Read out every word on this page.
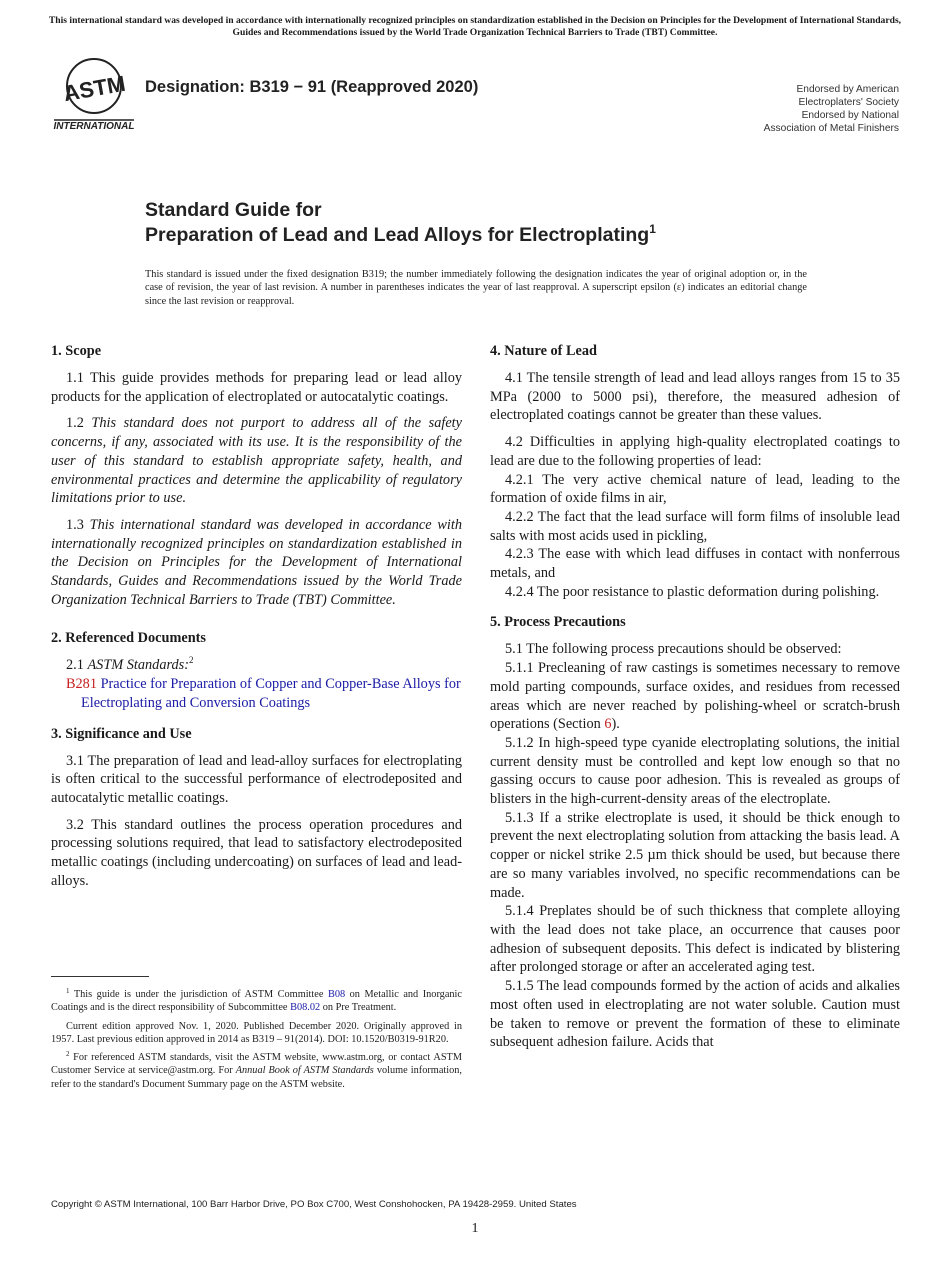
This international standard was developed in accordance with internationally recognized principles on standardization established in the Decision on Principles for the Development of International Standards, Guides and Recommendations issued by the World Trade Organization Technical Barriers to Trade (TBT) Committee.
ASTM
INTERNATIONAL
Designation: B319 − 91 (Reapproved 2020)	Endorsed by American
Electroplaters' Society
Endorsed by National
Association of Metal Finishers
Standard Guide for
Preparation of Lead and Lead Alloys for Electroplating$^1$
This standard is issued under the fixed designation B319; the number immediately following the designation indicates the year of original adoption or, in the case of revision, the year of last revision. A number in parentheses indicates the year of last reapproval. A superscript epsilon (ε) indicates an editorial change since the last revision or reapproval.
1. Scope

1.1 This guide provides methods for preparing lead or lead alloy products for the application of electroplated or autocatalytic coatings.

1.2 This standard does not purport to address all of the safety concerns, if any, associated with its use. It is the responsibility of the user of this standard to establish appropriate safety, health, and environmental practices and determine the applicability of regulatory limitations prior to use.

1.3 This international standard was developed in accordance with internationally recognized principles on standardization established in the Decision on Principles for the Development of International Standards, Guides and Recommendations issued by the World Trade Organization Technical Barriers to Trade (TBT) Committee.

2. Referenced Documents

2.1 ASTM Standards:$^2$

B281 Practice for Preparation of Copper and Copper-Base Alloys for Electroplating and Conversion Coatings

3. Significance and Use

3.1 The preparation of lead and lead-alloy surfaces for electroplating is often critical to the successful performance of electrodeposited and autocatalytic metallic coatings.

3.2 This standard outlines the process operation procedures and processing solutions required, that lead to satisfactory electrodeposited metallic coatings (including undercoating) on surfaces of lead and lead-alloys.

4. Nature of Lead

4.1 The tensile strength of lead and lead alloys ranges from 15 to 35 MPa (2000 to 5000 psi), therefore, the measured adhesion of electroplated coatings cannot be greater than these values.

4.2 Difficulties in applying high-quality electroplated coatings to lead are due to the following properties of lead:

4.2.1 The very active chemical nature of lead, leading to the formation of oxide films in air,

4.2.2 The fact that the lead surface will form films of insoluble lead salts with most acids used in pickling,

4.2.3 The ease with which lead diffuses in contact with nonferrous metals, and

4.2.4 The poor resistance to plastic deformation during polishing.

5. Process Precautions

5.1 The following process precautions should be observed:

5.1.1 Precleaning of raw castings is sometimes necessary to remove mold parting compounds, surface oxides, and residues from recessed areas which are never reached by polishing-wheel or scratch-brush operations (Section 6).

5.1.2 In high-speed type cyanide electroplating solutions, the initial current density must be controlled and kept low enough so that no gassing occurs to cause poor adhesion. This is revealed as groups of blisters in the high-current-density areas of the electroplate.

5.1.3 If a strike electroplate is used, it should be thick enough to prevent the next electroplating solution from attacking the basis lead. A copper or nickel strike 2.5 µm thick should be used, but because there are so many variables involved, no specific recommendations can be made.

5.1.4 Preplates should be of such thickness that complete alloying with the lead does not take place, an occurrence that causes poor adhesion of subsequent deposits. This defect is indicated by blistering after prolonged storage or after an accelerated aging test.

5.1.5 The lead compounds formed by the action of acids and alkalies most often used in electroplating are not water soluble. Caution must be taken to remove or prevent the formation of these to eliminate subsequent adhesion failure. Acids that

$^1$ This guide is under the jurisdiction of ASTM Committee B08 on Metallic and Inorganic Coatings and is the direct responsibility of Subcommittee B08.02 on Pre Treatment.

Current edition approved Nov. 1, 2020. Published December 2020. Originally approved in 1957. Last previous edition approved in 2014 as B319 – 91(2014). DOI: 10.1520/B0319-91R20.

$^2$ For referenced ASTM standards, visit the ASTM website, www.astm.org, or contact ASTM Customer Service at service@astm.org. For Annual Book of ASTM Standards volume information, refer to the standard's Document Summary page on the ASTM website.

Copyright © ASTM International, 100 Barr Harbor Drive, PO Box C700, West Conshohocken, PA 19428-2959. United States
1
